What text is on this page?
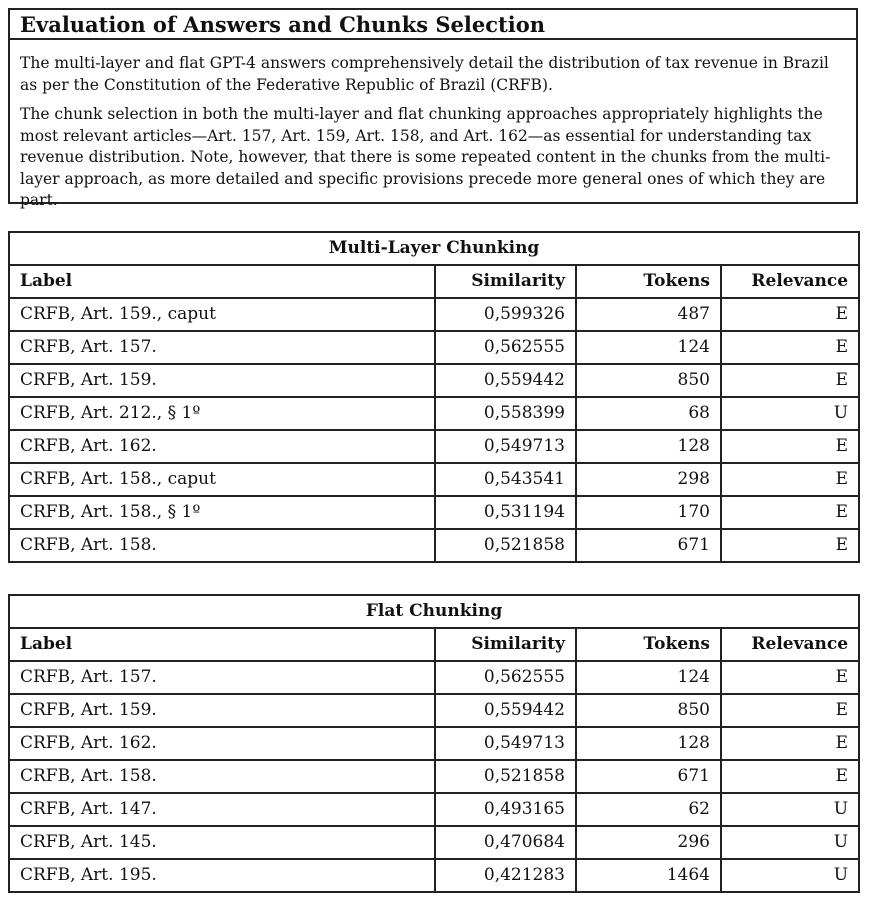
Evaluation of Answers and Chunks Selection

The multi-layer and flat GPT-4 answers comprehensively detail the distribution of tax revenue in Brazil as per the Constitution of the Federative Republic of Brazil (CRFB).

The chunk selection in both the multi-layer and flat chunking approaches appropriately highlights the most relevant articles—Art. 157, Art. 159, Art. 158, and Art. 162—as essential for understanding tax revenue distribution. Note, however, that there is some repeated content in the chunks from the multi-layer approach, as more detailed and specific provisions precede more general ones of which they are part.

Multi-Layer Chunking			
Label	Similarity	Tokens	Relevance
CRFB, Art. 159., caput	0,599326	487	E
CRFB, Art. 157.	0,562555	124	E
CRFB, Art. 159.	0,559442	850	E
CRFB, Art. 212., § 1º	0,558399	68	U
CRFB, Art. 162.	0,549713	128	E
CRFB, Art. 158., caput	0,543541	298	E
CRFB, Art. 158., § 1º	0,531194	170	E
CRFB, Art. 158.	0,521858	671	E
Flat Chunking			
Label	Similarity	Tokens	Relevance
CRFB, Art. 157.	0,562555	124	E
CRFB, Art. 159.	0,559442	850	E
CRFB, Art. 162.	0,549713	128	E
CRFB, Art. 158.	0,521858	671	E
CRFB, Art. 147.	0,493165	62	U
CRFB, Art. 145.	0,470684	296	U
CRFB, Art. 195.	0,421283	1464	U
